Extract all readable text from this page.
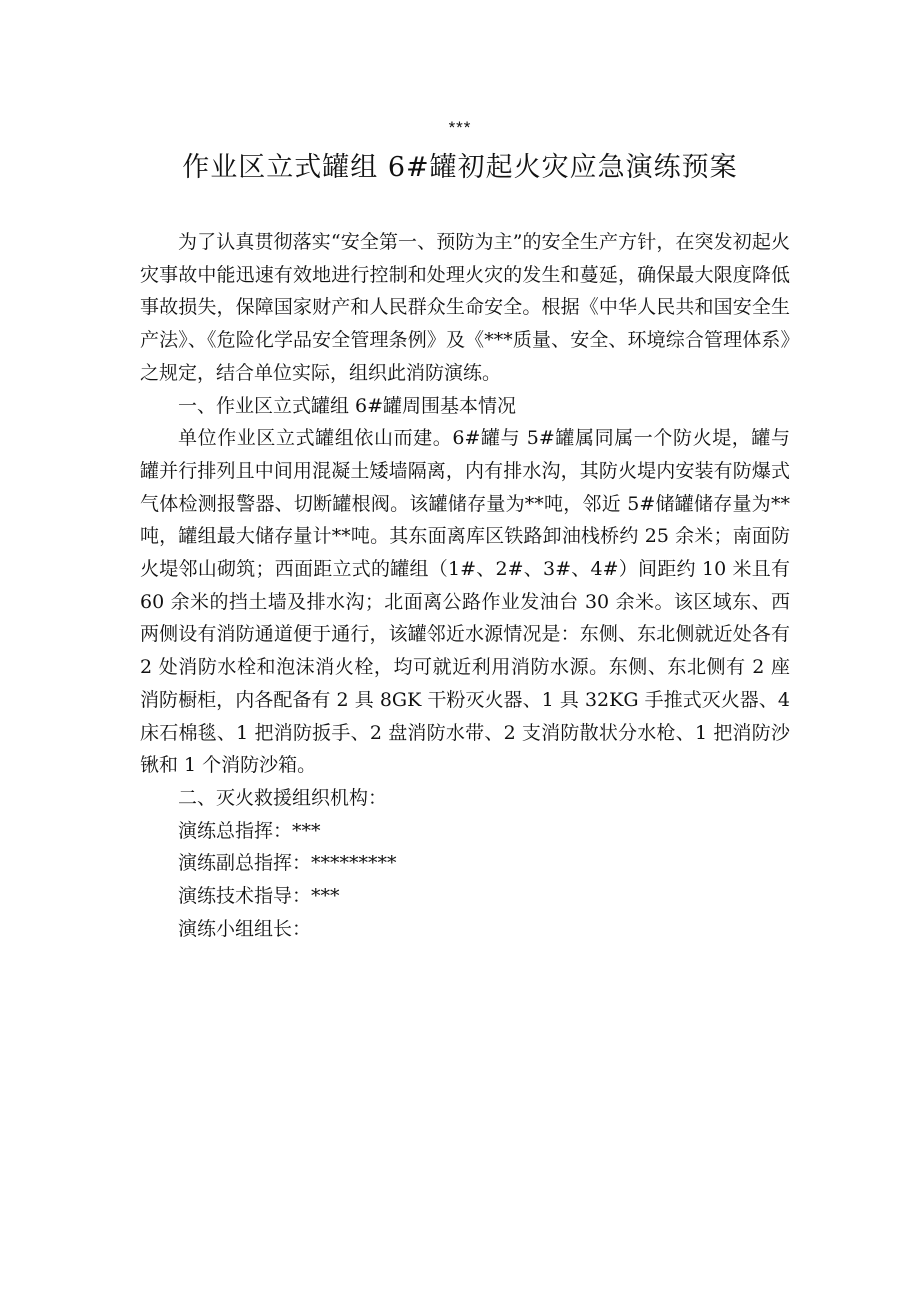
***
作业区立式罐组 6#罐初起火灾应急演练预案

为了认真贯彻落实“安全第一、预防为主”的安全生产方针，在突发初起火灾事故中能迅速有效地进行控制和处理火灾的发生和蔓延，确保最大限度降低事故损失，保障国家财产和人民群众生命安全。根据《中华人民共和国安全生产法》、《危险化学品安全管理条例》及《***质量、安全、环境综合管理体系》之规定，结合单位实际，组织此消防演练。

一、作业区立式罐组 6#罐周围基本情况

单位作业区立式罐组依山而建。6#罐与 5#罐属同属一个防火堤，罐与罐并行排列且中间用混凝土矮墙隔离，内有排水沟，其防火堤内安装有防爆式气体检测报警器、切断罐根阀。该罐储存量为**吨，邻近 5#储罐储存量为**吨，罐组最大储存量计**吨。其东面离库区铁路卸油栈桥约 25 余米；南面防火堤邻山砌筑；西面距立式的罐组（1#、2#、3#、4#）间距约 10 米且有 60 余米的挡土墙及排水沟；北面离公路作业发油台 30 余米。该区域东、西两侧设有消防通道便于通行，该罐邻近水源情况是：东侧、东北侧就近处各有 2 处消防水栓和泡沫消火栓，均可就近利用消防水源。东侧、东北侧有 2 座消防橱柜，内各配备有 2 具 8GK 干粉灭火器、1 具 32KG 手推式灭火器、4 床石棉毯、1 把消防扳手、2 盘消防水带、2 支消防散状分水枪、1 把消防沙锹和 1 个消防沙箱。

二、灭火救援组织机构：

演练总指挥：***

演练副总指挥：*********

演练技术指导：***

演练小组组长：
